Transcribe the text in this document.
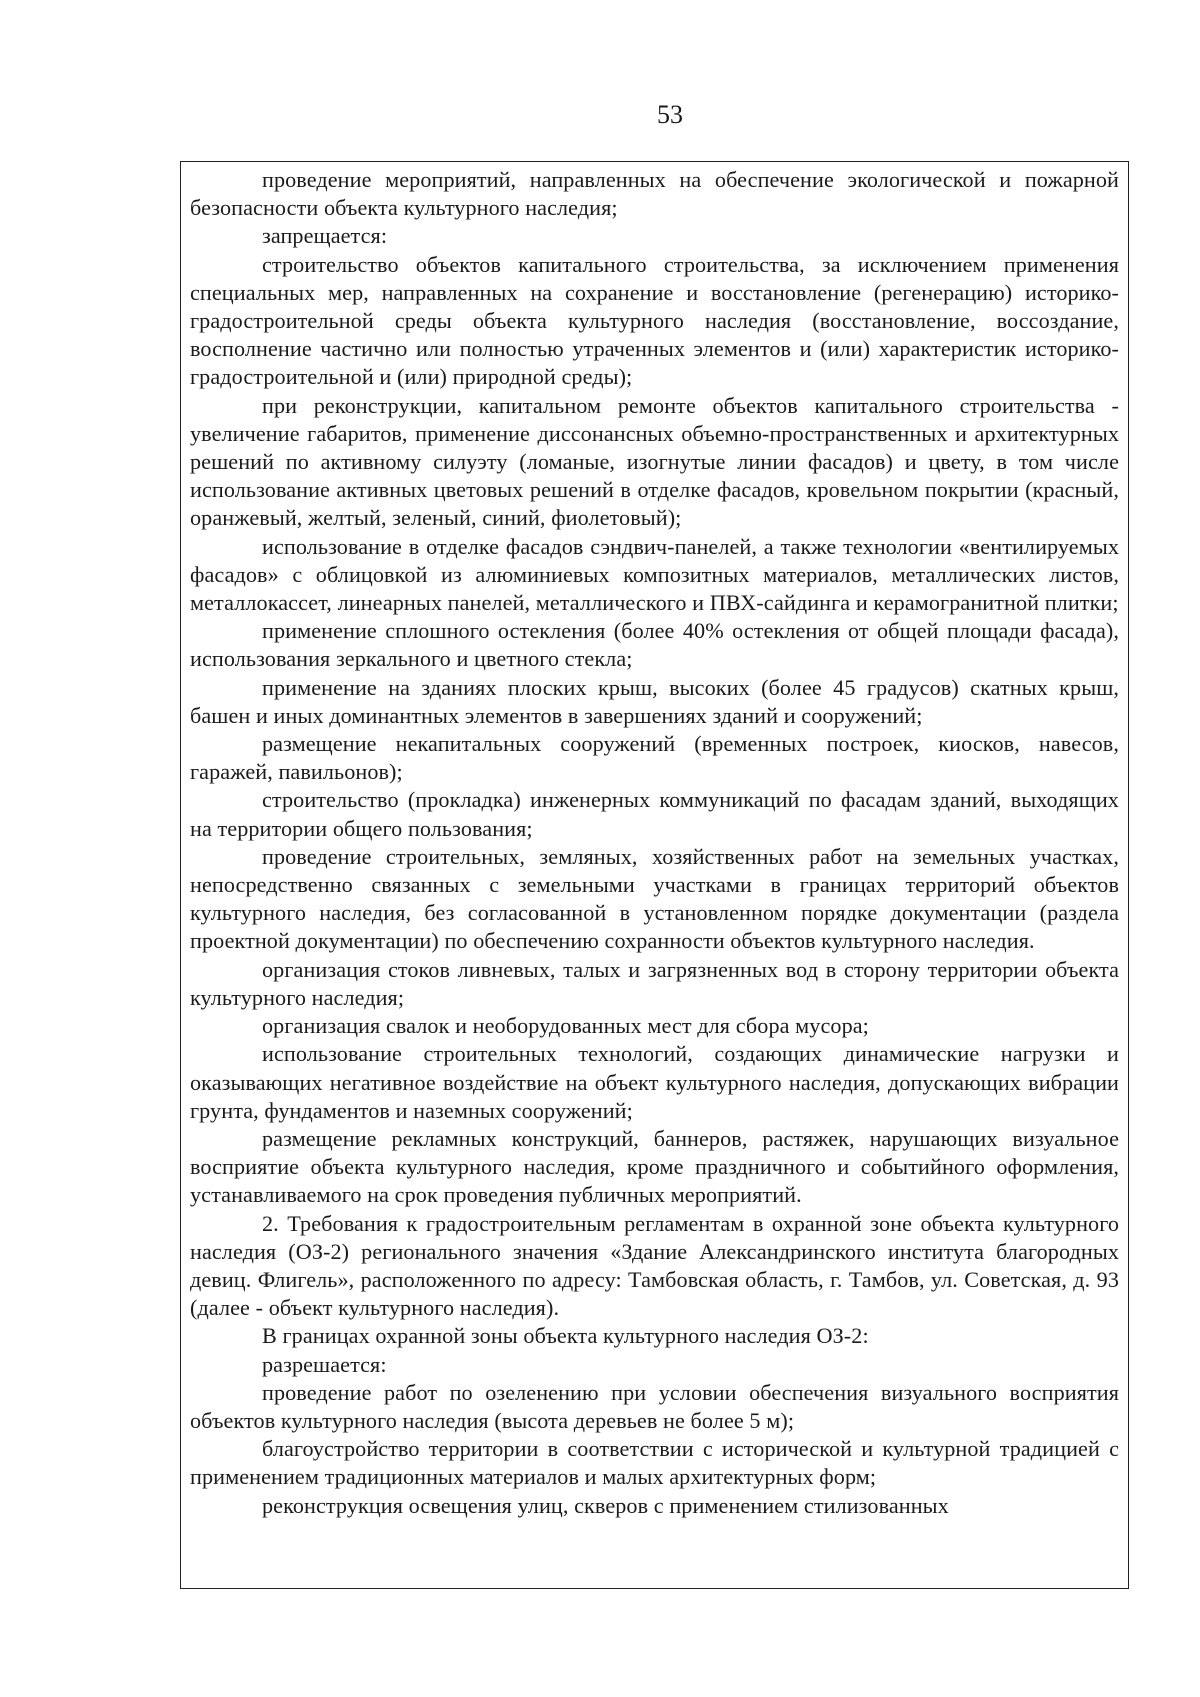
53

проведение мероприятий, направленных на обеспечение экологической и пожарной безопасности объекта культурного наследия;

запрещается:

строительство объектов капитального строительства, за исключением применения специальных мер, направленных на сохранение и восстановление (регенерацию) историко-градостроительной среды объекта культурного наследия (восстановление, воссоздание, восполнение частично или полностью утраченных элементов и (или) характеристик историко-градостроительной и (или) природной среды);

при реконструкции, капитальном ремонте объектов капитального строительства - увеличение габаритов, применение диссонансных объемно-пространственных и архитектурных решений по активному силуэту (ломаные, изогнутые линии фасадов) и цвету, в том числе использование активных цветовых решений в отделке фасадов, кровельном покрытии (красный, оранжевый, желтый, зеленый, синий, фиолетовый);

использование в отделке фасадов сэндвич-панелей, а также технологии «вентилируемых фасадов» с облицовкой из алюминиевых композитных материалов, металлических листов, металлокассет, линеарных панелей, металлического и ПВХ-сайдинга и керамогранитной плитки;

применение сплошного остекления (более 40% остекления от общей площади фасада), использования зеркального и цветного стекла;

применение на зданиях плоских крыш, высоких (более 45 градусов) скатных крыш, башен и иных доминантных элементов в завершениях зданий и сооружений;

размещение некапитальных сооружений (временных построек, киосков, навесов, гаражей, павильонов);

строительство (прокладка) инженерных коммуникаций по фасадам зданий, выходящих на территории общего пользования;

проведение строительных, земляных, хозяйственных работ на земельных участках, непосредственно связанных с земельными участками в границах территорий объектов культурного наследия, без согласованной в установленном порядке документации (раздела проектной документации) по обеспечению сохранности объектов культурного наследия.

организация стоков ливневых, талых и загрязненных вод в сторону территории объекта культурного наследия;

организация свалок и необорудованных мест для сбора мусора;

использование строительных технологий, создающих динамические нагрузки и оказывающих негативное воздействие на объект культурного наследия, допускающих вибрации грунта, фундаментов и наземных сооружений;

размещение рекламных конструкций, баннеров, растяжек, нарушающих визуальное восприятие объекта культурного наследия, кроме праздничного и событийного оформления, устанавливаемого на срок проведения публичных мероприятий.

2. Требования к градостроительным регламентам в охранной зоне объекта культурного наследия (ОЗ-2) регионального значения «Здание Александринского института благородных девиц. Флигель», расположенного по адресу: Тамбовская область, г. Тамбов, ул. Советская, д. 93 (далее - объект культурного наследия).

В границах охранной зоны объекта культурного наследия ОЗ-2:

разрешается:

проведение работ по озеленению при условии обеспечения визуального восприятия объектов культурного наследия (высота деревьев не более 5 м);

благоустройство территории в соответствии с исторической и культурной традицией с применением традиционных материалов и малых архитектурных форм;

реконструкция освещения улиц, скверов с применением стилизованных
